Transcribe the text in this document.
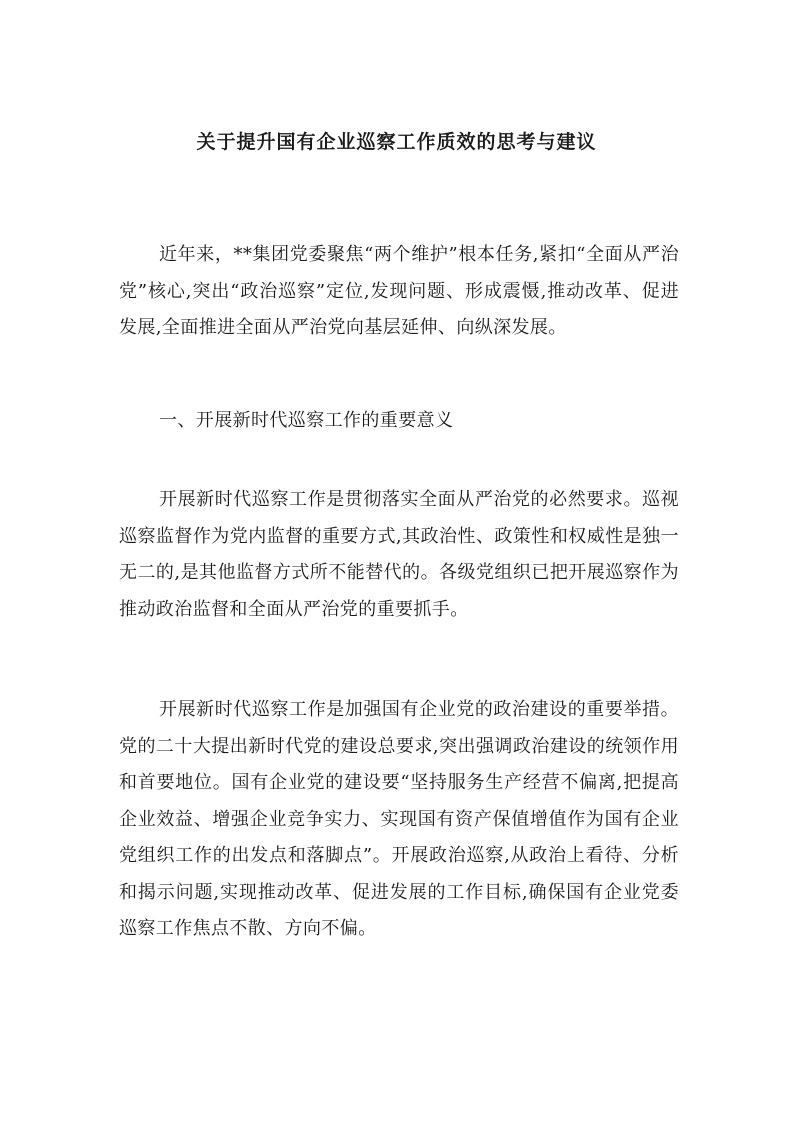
关于提升国有企业巡察工作质效的思考与建议

近年来，**集团党委聚焦“两个维护”根本任务,紧扣“全面从严治党”核心,突出“政治巡察”定位,发现问题、形成震慑,推动改革、促进发展,全面推进全面从严治党向基层延伸、向纵深发展。

一、开展新时代巡察工作的重要意义

开展新时代巡察工作是贯彻落实全面从严治党的必然要求。巡视巡察监督作为党内监督的重要方式,其政治性、政策性和权威性是独一无二的,是其他监督方式所不能替代的。各级党组织已把开展巡察作为推动政治监督和全面从严治党的重要抓手。

开展新时代巡察工作是加强国有企业党的政治建设的重要举措。党的二十大提出新时代党的建设总要求,突出强调政治建设的统领作用和首要地位。国有企业党的建设要“坚持服务生产经营不偏离,把提高企业效益、增强企业竞争实力、实现国有资产保值增值作为国有企业党组织工作的出发点和落脚点”。开展政治巡察,从政治上看待、分析和揭示问题,实现推动改革、促进发展的工作目标,确保国有企业党委巡察工作焦点不散、方向不偏。
